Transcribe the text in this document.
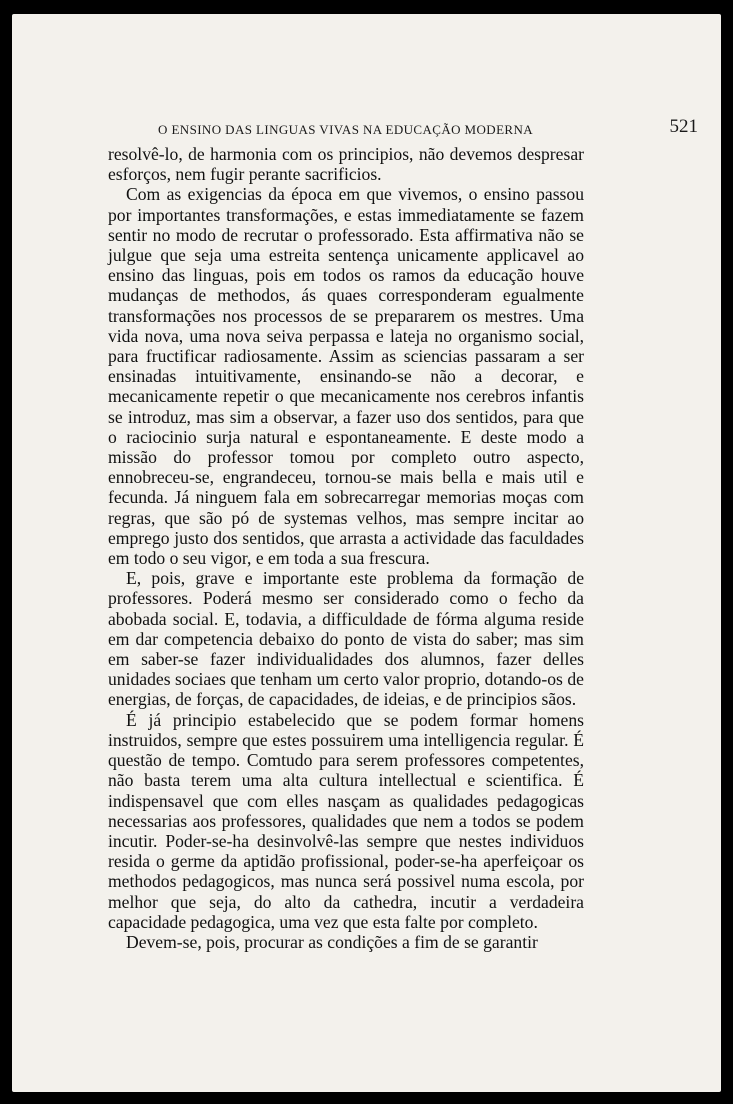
O ENSINO DAS LINGUAS VIVAS NA EDUCAÇÃO MODERNA	521

resolvê-lo, de harmonia com os principios, não devemos despresar esforços, nem fugir perante sacrificios.

Com as exigencias da época em que vivemos, o ensino passou por importantes transformações, e estas immediatamente se fazem sentir no modo de recrutar o professorado. Esta affirmativa não se julgue que seja uma estreita sentença unicamente applicavel ao ensino das linguas, pois em todos os ramos da educação houve mudanças de methodos, ás quaes corresponderam egualmente transformações nos processos de se prepararem os mestres. Uma vida nova, uma nova seiva perpassa e lateja no organismo social, para fructificar radiosamente. Assim as sciencias passaram a ser ensinadas intuitivamente, ensinando-se não a decorar, e mecanicamente repetir o que mecanicamente nos cerebros infantis se introduz, mas sim a observar, a fazer uso dos sentidos, para que o raciocinio surja natural e espontaneamente. E deste modo a missão do professor tomou por completo outro aspecto, ennobreceu-se, engrandeceu, tornou-se mais bella e mais util e fecunda. Já ninguem fala em sobrecarregar memorias moças com regras, que são pó de systemas velhos, mas sempre incitar ao emprego justo dos sentidos, que arrasta a actividade das faculdades em todo o seu vigor, e em toda a sua frescura.

E, pois, grave e importante este problema da formação de professores. Poderá mesmo ser considerado como o fecho da abobada social. E, todavia, a difficuldade de fórma alguma reside em dar competencia debaixo do ponto de vista do saber; mas sim em saber-se fazer individualidades dos alumnos, fazer delles unidades sociaes que tenham um certo valor proprio, dotando-os de energias, de forças, de capacidades, de ideias, e de principios sãos.

É já principio estabelecido que se podem formar homens instruidos, sempre que estes possuirem uma intelligencia regular. É questão de tempo. Comtudo para serem professores competentes, não basta terem uma alta cultura intellectual e scientifica. É indispensavel que com elles nasçam as qualidades pedagogicas necessarias aos professores, qualidades que nem a todos se podem incutir. Poder-se-ha desinvolvê-las sempre que nestes individuos resida o germe da aptidão profissional, poder-se-ha aperfeiçoar os methodos pedagogicos, mas nunca será possivel numa escola, por melhor que seja, do alto da cathedra, incutir a verdadeira capacidade pedagogica, uma vez que esta falte por completo.

Devem-se, pois, procurar as condições a fim de se garantir
